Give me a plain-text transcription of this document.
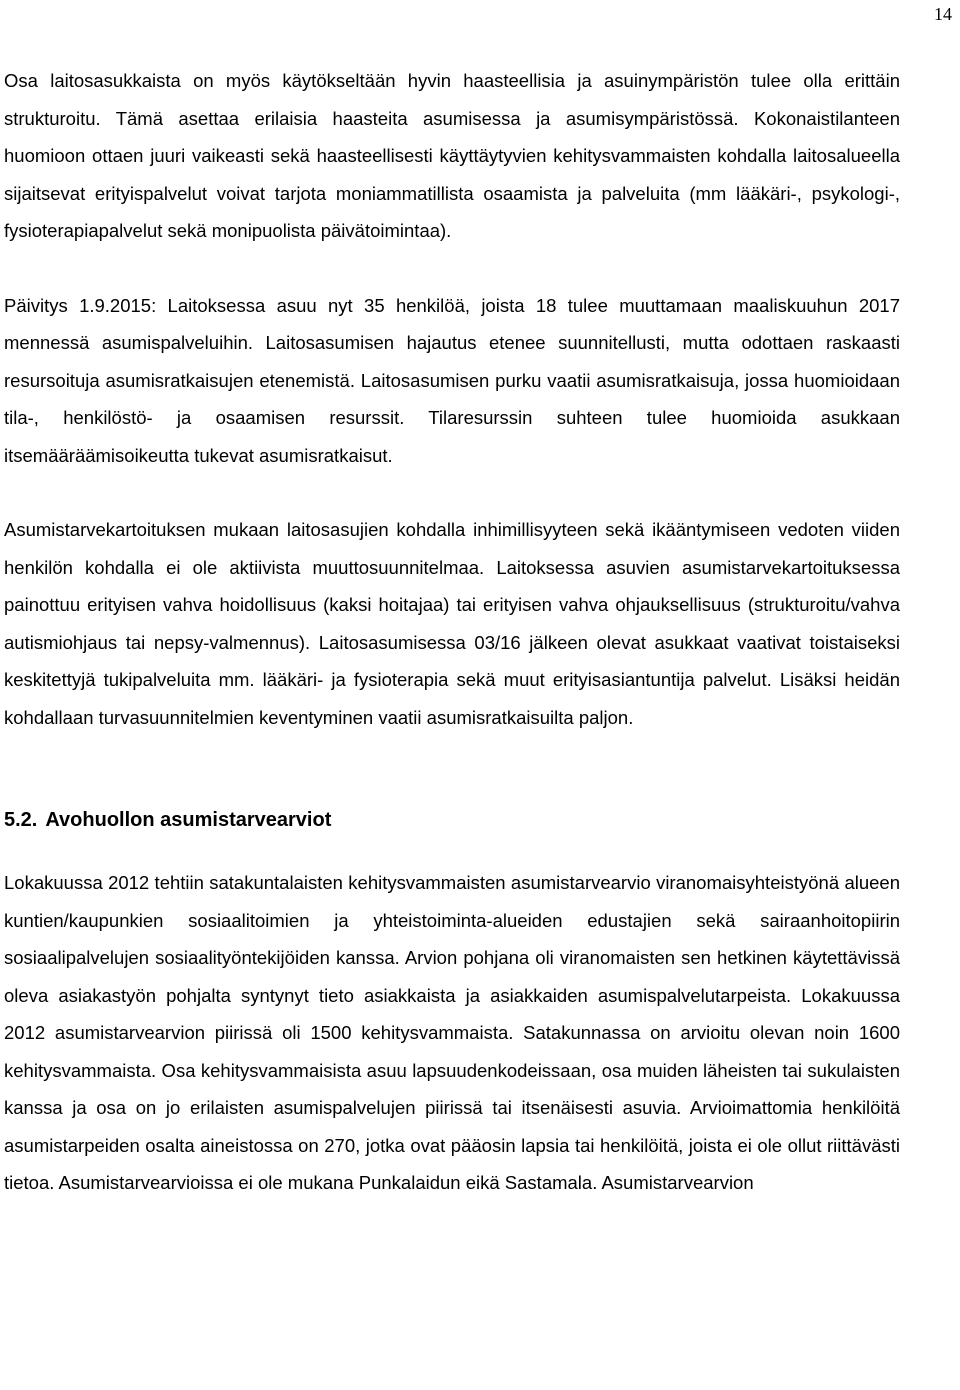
14

Osa laitosasukkaista on myös käytökseltään hyvin haasteellisia ja asuinympäristön tulee olla erittäin strukturoitu. Tämä asettaa erilaisia haasteita asumisessa ja asumisympäristössä. Kokonaistilanteen huomioon ottaen juuri vaikeasti sekä haasteellisesti käyttäytyvien kehitysvammaisten kohdalla laitosalueella sijaitsevat erityispalvelut voivat tarjota moniammatillista osaamista ja palveluita (mm lääkäri-, psykologi-, fysioterapiapalvelut sekä monipuolista päivätoimintaa).

Päivitys 1.9.2015: Laitoksessa asuu nyt 35 henkilöä, joista 18 tulee muuttamaan maaliskuuhun 2017 mennessä asumispalveluihin. Laitosasumisen hajautus etenee suunnitellusti, mutta odottaen raskaasti resursoituja asumisratkaisujen etenemistä. Laitosasumisen purku vaatii asumisratkaisuja, jossa huomioidaan tila-, henkilöstö- ja osaamisen resurssit. Tilaresurssin suhteen tulee huomioida asukkaan itsemääräämisoikeutta tukevat asumisratkaisut.

Asumistarvekartoituksen mukaan laitosasujien kohdalla inhimillisyyteen sekä ikääntymiseen vedoten viiden henkilön kohdalla ei ole aktiivista muuttosuunnitelmaa. Laitoksessa asuvien asumistarvekartoituksessa painottuu erityisen vahva hoidollisuus (kaksi hoitajaa) tai erityisen vahva ohjauksellisuus (strukturoitu/vahva autismiohjaus tai nepsy-valmennus). Laitosasumisessa 03/16 jälkeen olevat asukkaat vaativat toistaiseksi keskitettyjä tukipalveluita mm. lääkäri- ja fysioterapia sekä muut erityisasiantuntija palvelut. Lisäksi heidän kohdallaan turvasuunnitelmien keventyminen vaatii asumisratkaisuilta paljon.

5.2. Avohuollon asumistarvearviot

Lokakuussa 2012 tehtiin satakuntalaisten kehitysvammaisten asumistarvearvio viranomaisyhteistyönä alueen kuntien/kaupunkien sosiaalitoimien ja yhteistoiminta-alueiden edustajien sekä sairaanhoitopiirin sosiaalipalvelujen sosiaalityöntekijöiden kanssa. Arvion pohjana oli viranomaisten sen hetkinen käytettävissä oleva asiakastyön pohjalta syntynyt tieto asiakkaista ja asiakkaiden asumispalvelutarpeista. Lokakuussa 2012 asumistarvearvion piirissä oli 1500 kehitysvammaista. Satakunnassa on arvioitu olevan noin 1600 kehitysvammaista. Osa kehitysvammaisista asuu lapsuudenkodeissaan, osa muiden läheisten tai sukulaisten kanssa ja osa on jo erilaisten asumispalvelujen piirissä tai itsenäisesti asuvia. Arvioimattomia henkilöitä asumistarpeiden osalta aineistossa on 270, jotka ovat pääosin lapsia tai henkilöitä, joista ei ole ollut riittävästi tietoa. Asumistarvearvioissa ei ole mukana Punkalaidun eikä Sastamala. Asumistarvearvion
